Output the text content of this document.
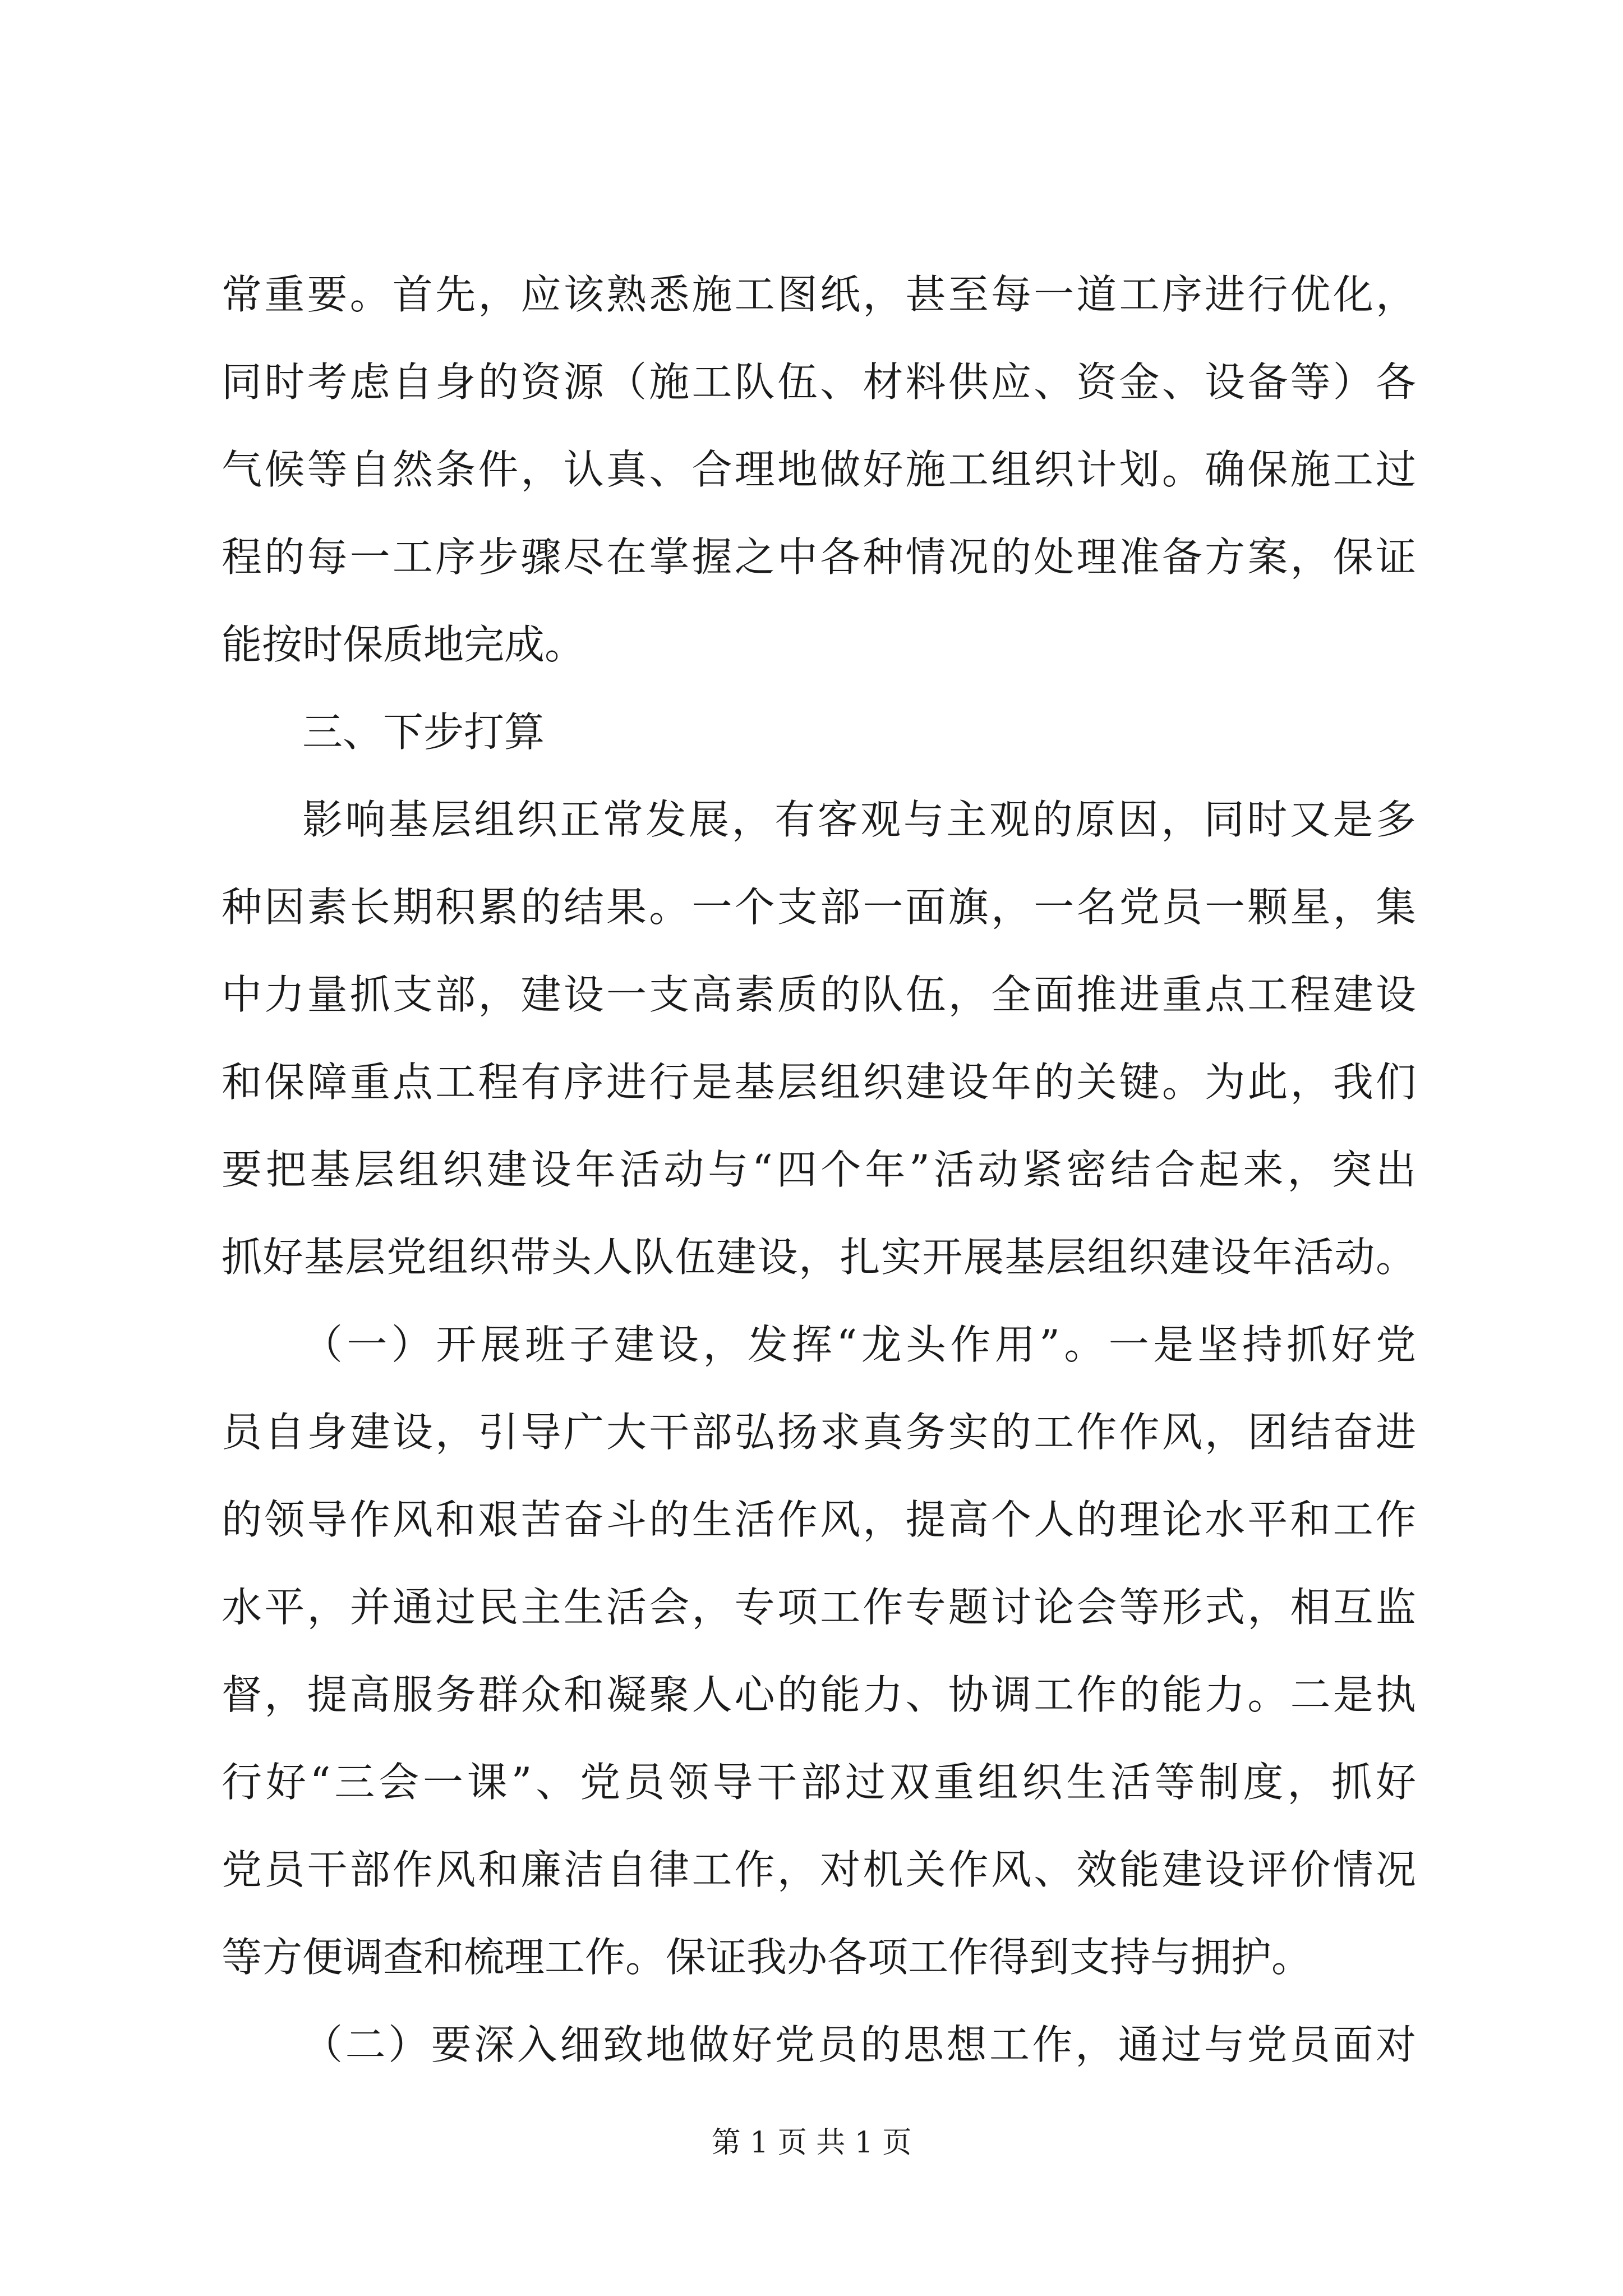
常重要。首先，应该熟悉施工图纸，甚至每一道工序进行优化，
同时考虑自身的资源（施工队伍、材料供应、资金、设备等）各
气候等自然条件，认真、合理地做好施工组织计划。确保施工过
程的每一工序步骤尽在掌握之中各种情况的处理准备方案，保证
能按时保质地完成。
三、下步打算
影响基层组织正常发展，有客观与主观的原因，同时又是多
种因素长期积累的结果。一个支部一面旗，一名党员一颗星，集
中力量抓支部，建设一支高素质的队伍，全面推进重点工程建设
和保障重点工程有序进行是基层组织建设年的关键。为此，我们
要把基层组织建设年活动与“四个年”活动紧密结合起来，突出
抓好基层党组织带头人队伍建设，扎实开展基层组织建设年活动。
（一）开展班子建设，发挥“龙头作用”。一是坚持抓好党
员自身建设，引导广大干部弘扬求真务实的工作作风，团结奋进
的领导作风和艰苦奋斗的生活作风，提高个人的理论水平和工作
水平，并通过民主生活会，专项工作专题讨论会等形式，相互监
督，提高服务群众和凝聚人心的能力、协调工作的能力。二是执
行好“三会一课”、党员领导干部过双重组织生活等制度，抓好
党员干部作风和廉洁自律工作，对机关作风、效能建设评价情况
等方便调查和梳理工作。保证我办各项工作得到支持与拥护。
（二）要深入细致地做好党员的思想工作，通过与党员面对
第 1 页 共 1 页
